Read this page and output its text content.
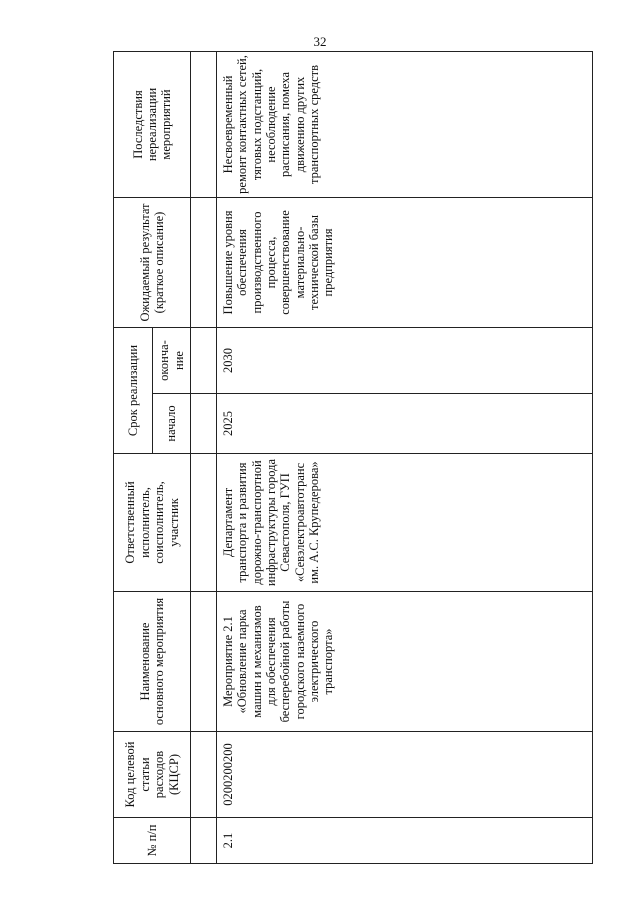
32
№ п/п	Код целевой статьи расходов (КЦСР)	Наименование основного мероприятия	Ответственный исполнитель, соисполнитель, участник	Срок реализации		Ожидаемый результат (краткое описание)	Последствия нереализации мероприятий
				начало	оконча-ние		

2.1	0200200200	Мероприятие 2.1 «Обновление парка машин и механизмов для обеспечения бесперебойной работы городского наземного электрического транспорта»	Департамент транспорта и развития дорожно-транспортной инфраструктуры города Севастополя, ГУП «Севэлектроавтотранс им. А.С. Крупедерова»	2025	2030	Повышение уровня обеспечения производственного процесса, совершенствование материально-технической базы предприятия	Несвоевременный ремонт контактных сетей, тяговых подстанций, несоблюдение расписания, помеха движению других транспортных средств
